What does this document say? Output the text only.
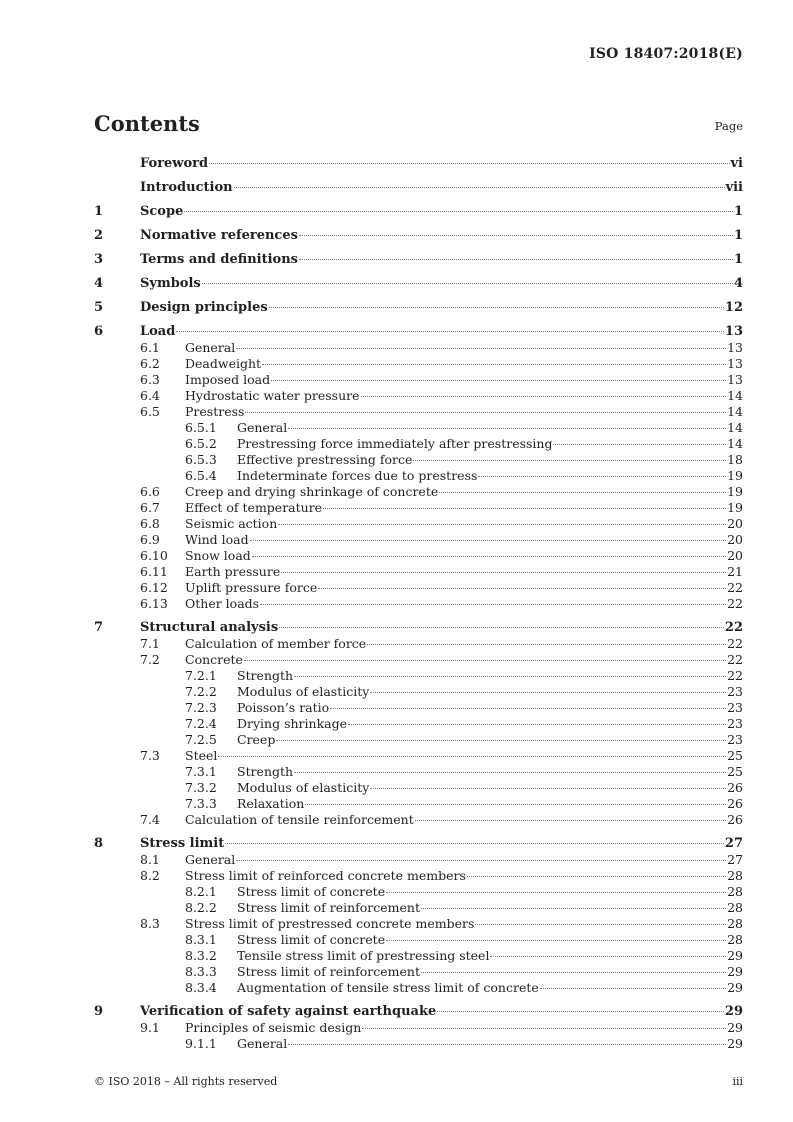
ISO 18407:2018(E)
Contents	Page
Foreword	vi
Introduction	vii
1	Scope	1
2	Normative references	1
3	Terms and definitions	1
4	Symbols	4
5	Design principles	12
6	Load	13
6.1	General	13
6.2	Deadweight	13
6.3	Imposed load	13
6.4	Hydrostatic water pressure	14
6.5	Prestress	14
6.5.1	General	14
6.5.2	Prestressing force immediately after prestressing	14
6.5.3	Effective prestressing force	18
6.5.4	Indeterminate forces due to prestress	19
6.6	Creep and drying shrinkage of concrete	19
6.7	Effect of temperature	19
6.8	Seismic action	20
6.9	Wind load	20
6.10	Snow load	20
6.11	Earth pressure	21
6.12	Uplift pressure force	22
6.13	Other loads	22
7	Structural analysis	22
7.1	Calculation of member force	22
7.2	Concrete	22
7.2.1	Strength	22
7.2.2	Modulus of elasticity	23
7.2.3	Poisson’s ratio	23
7.2.4	Drying shrinkage	23
7.2.5	Creep	23
7.3	Steel	25
7.3.1	Strength	25
7.3.2	Modulus of elasticity	26
7.3.3	Relaxation	26
7.4	Calculation of tensile reinforcement	26
8	Stress limit	27
8.1	General	27
8.2	Stress limit of reinforced concrete members	28
8.2.1	Stress limit of concrete	28
8.2.2	Stress limit of reinforcement	28
8.3	Stress limit of prestressed concrete members	28
8.3.1	Stress limit of concrete	28
8.3.2	Tensile stress limit of prestressing steel	29
8.3.3	Stress limit of reinforcement	29
8.3.4	Augmentation of tensile stress limit of concrete	29
9	Verification of safety against earthquake	29
9.1	Principles of seismic design	29
9.1.1	General	29
© ISO 2018 – All rights reserved	iii
